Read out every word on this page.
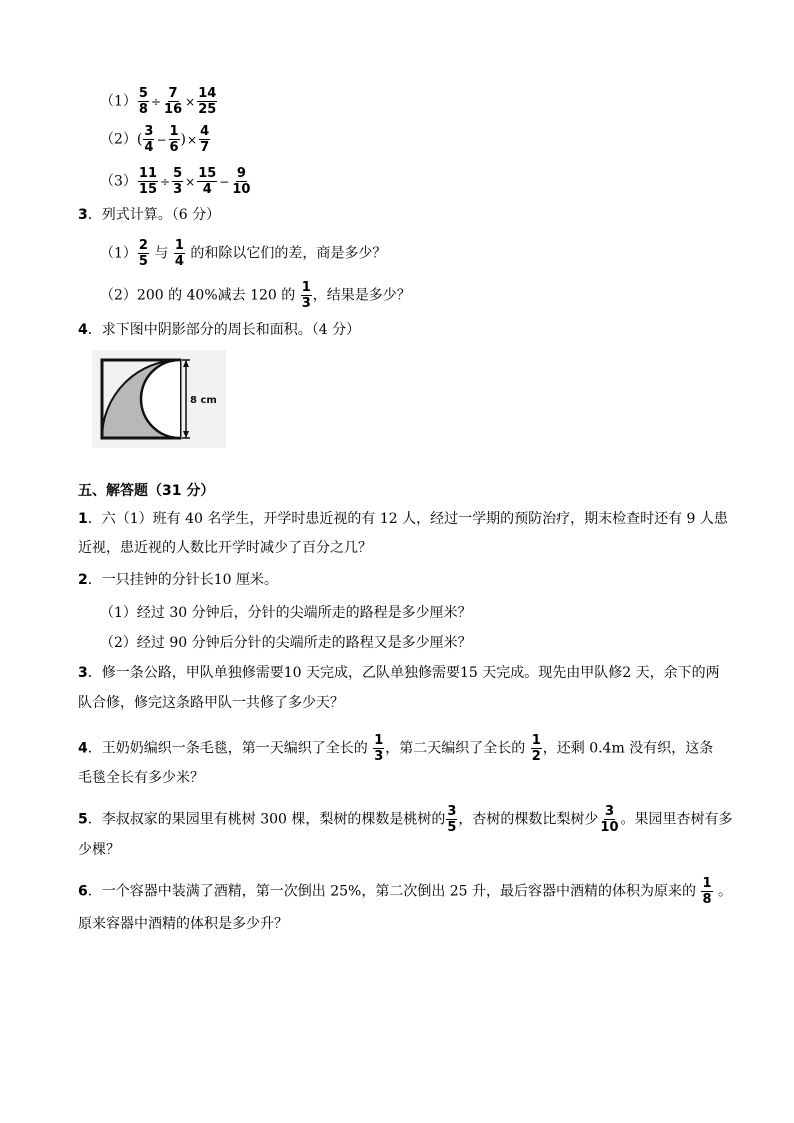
$(1) \frac{5}{8} \div \frac{7}{16} \times \frac{14}{25}$
$(2)( \frac{3}{4} - \frac{1}{6}$ )× $\frac{4}{7}$
$(3) \frac{11}{15} \div \frac{5}{3} \times \frac{15}{4} - \frac{9}{10}$
3．列式计算。（6 分）
$(1) \frac{2}{5}$ 与 $\frac{1}{4}$ 的和除以它们的差，商是多少？
（2）200 的 40%减去 120 的 $\frac{1}{3}$ ，结果是多少？
4．求下图中阴影部分的周长和面积。（4 分）
8 cm
五、解答题（31 分）
1．六（1）班有 40 名学生，开学时患近视的有 12 人，经过一学期的预防治疗，期末检查时还有 9 人患
近视，患近视的人数比开学时减少了百分之几？
2．一只挂钟的分针长10 厘米。
（1）经过 30 分钟后，分针的尖端所走的路程是多少厘米？
（2）经过 90 分钟后分针的尖端所走的路程又是多少厘米？
3．修一条公路，甲队单独修需要10 天完成，乙队单独修需要15 天完成。现先由甲队修2 天，余下的两
队合修，修完这条路甲队一共修了多少天？
4．王奶奶编织一条毛毯，第一天编织了全长的 $\frac{1}{3}$ ，第二天编织了全长的 $\frac{1}{2}$ ，还剩 0.4m 没有织，这条
毛毯全长有多少米？
5．李叔叔家的果园里有桃树 300 棵，梨树的棵数是桃树的 $\frac{3}{5}$ ，杏树的棵数比梨树少 $\frac{3}{10}$ 。果园里杏树有多
少棵？
6．一个容器中装满了酒精，第一次倒出 25%，第二次倒出 25 升，最后容器中酒精的体积为原来的 $\frac{1}{8}$ 。
原来容器中酒精的体积是多少升？
